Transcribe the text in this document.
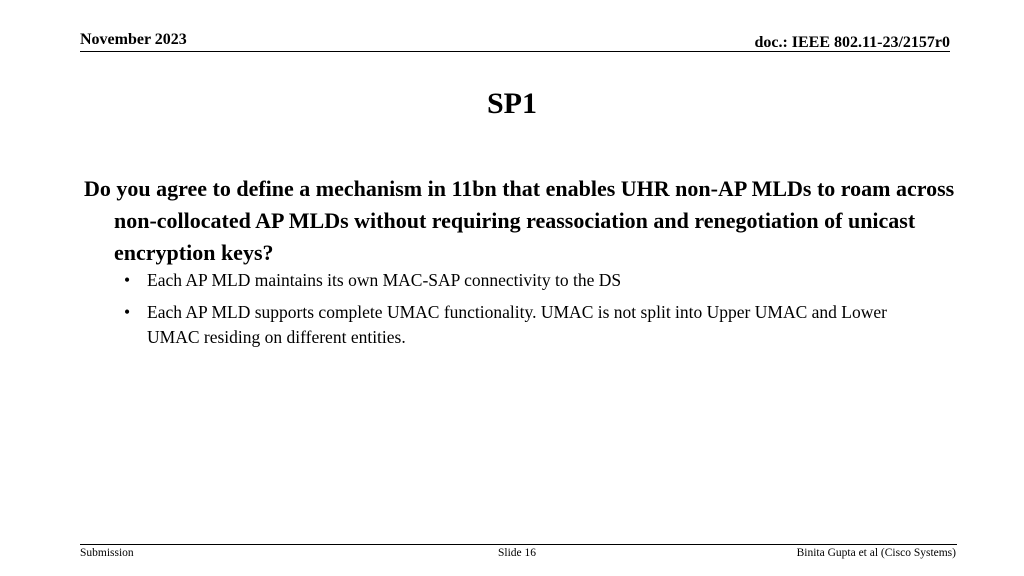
November 2023	doc.: IEEE 802.11-23/2157r0
SP1
Do you agree to define a mechanism in 11bn that enables UHR non-AP MLDs to roam across non-collocated AP MLDs without requiring reassociation and renegotiation of unicast encryption keys?
• Each AP MLD maintains its own MAC-SAP connectivity to the DS
• Each AP MLD supports complete UMAC functionality. UMAC is not split into Upper UMAC and Lower UMAC residing on different entities.
Submission	Slide 16	Binita Gupta et al (Cisco Systems)
